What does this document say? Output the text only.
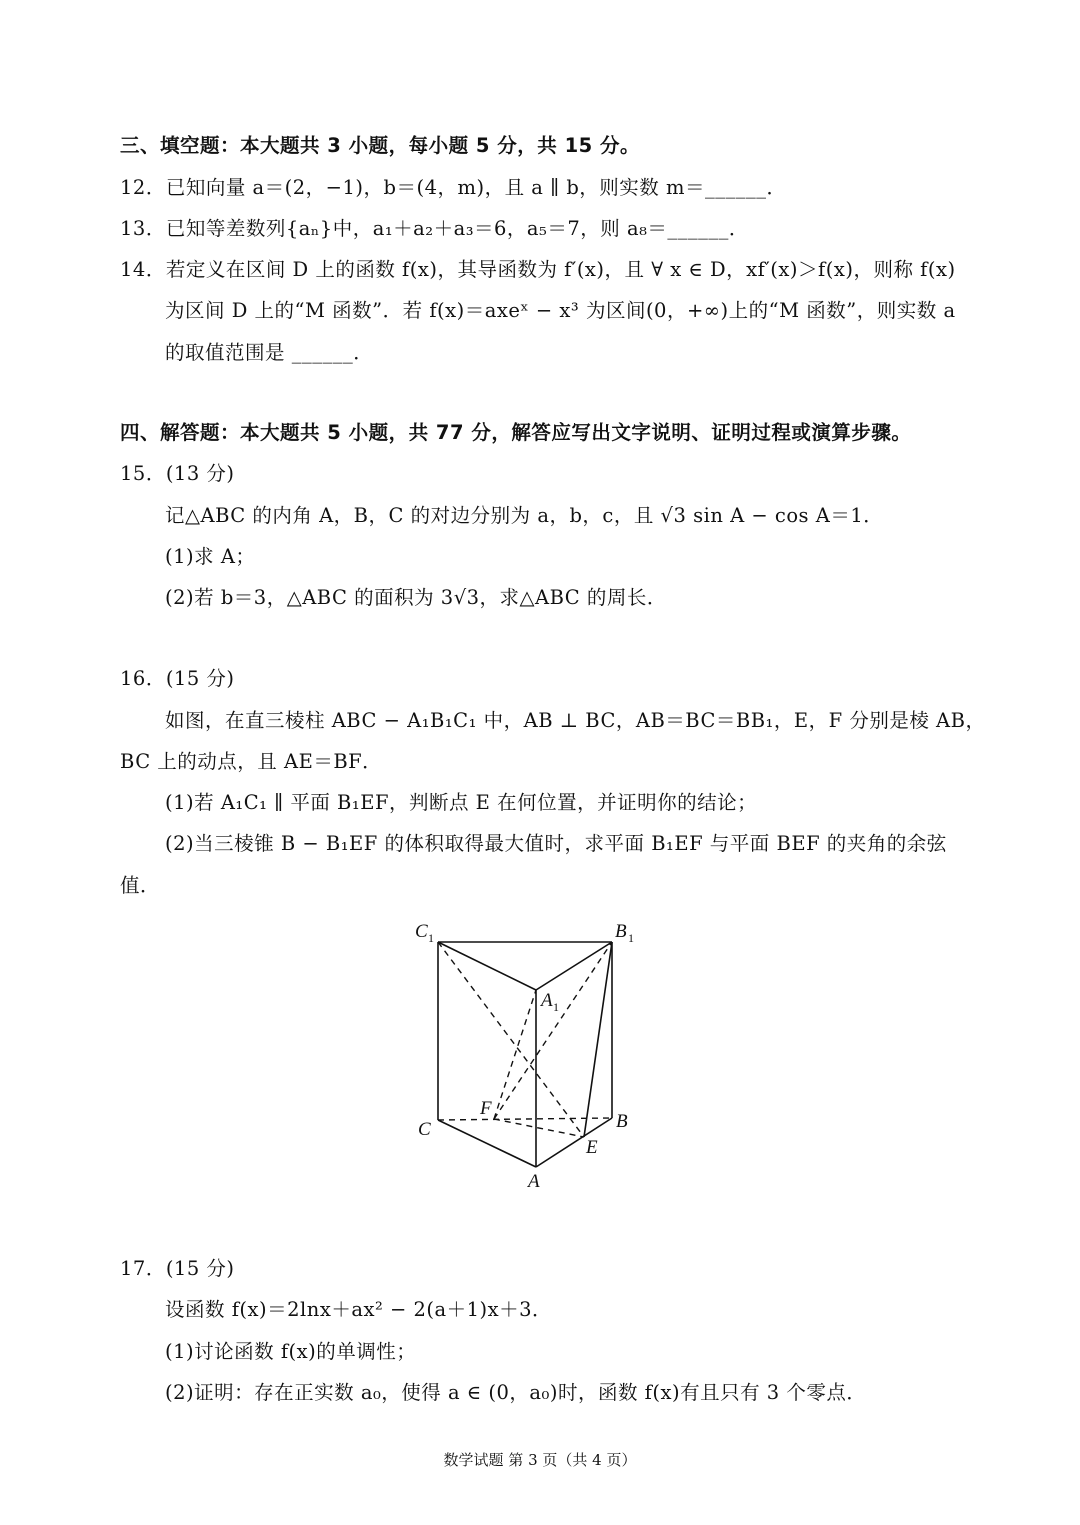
三、填空题：本大题共 3 小题，每小题 5 分，共 15 分。
12．已知向量 a＝(2，−1)，b＝(4，m)，且 a ∥ b，则实数 m＝______．
13．已知等差数列{aₙ}中，a₁＋a₂＋a₃＝6，a₅＝7，则 a₈＝______．
14．若定义在区间 D 上的函数 f(x)，其导函数为 f′(x)，且 ∀ x ∈ D，xf′(x)＞f(x)，则称 f(x)
为区间 D 上的“M 函数”．若 f(x)＝axeˣ − x³ 为区间(0，+∞)上的“M 函数”，则实数 a
的取值范围是 ______．
四、解答题：本大题共 5 小题，共 77 分，解答应写出文字说明、证明过程或演算步骤。
15．(13 分)
记△ABC 的内角 A，B，C 的对边分别为 a，b，c，且 √3 sin A − cos A＝1．
(1)求 A；
(2)若 b＝3，△ABC 的面积为 3√3，求△ABC 的周长．
16．(15 分)
如图，在直三棱柱 ABC − A₁B₁C₁ 中，AB ⊥ BC，AB＝BC＝BB₁，E，F 分别是棱 AB，
BC 上的动点，且 AE＝BF．
(1)若 A₁C₁ ∥ 平面 B₁EF，判断点 E 在何位置，并证明你的结论；
(2)当三棱锥 B − B₁EF 的体积取得最大值时，求平面 B₁EF 与平面 BEF 的夹角的余弦
值．
C 1	B 1
A 1
F
C	B
E
A
17．(15 分)
设函数 f(x)＝2lnx＋ax² − 2(a＋1)x＋3．
(1)讨论函数 f(x)的单调性；
(2)证明：存在正实数 a₀，使得 a ∈ (0，a₀)时，函数 f(x)有且只有 3 个零点．
数学试题 第 3 页（共 4 页）
